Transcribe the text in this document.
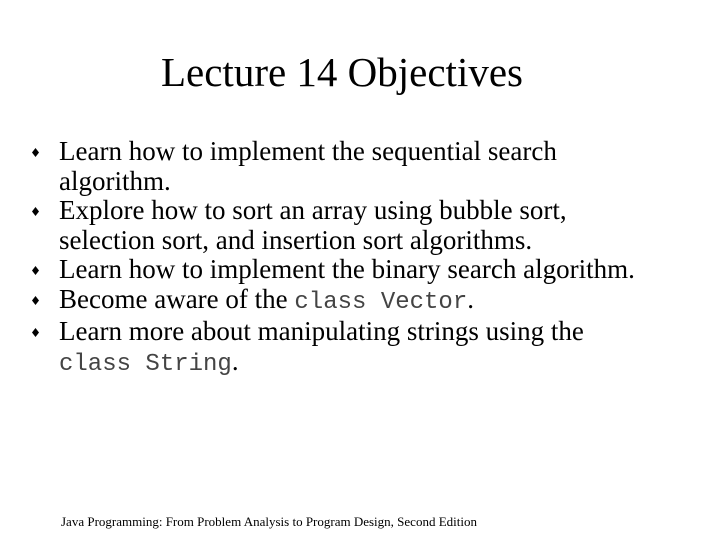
Lecture 14 Objectives
Learn how to implement the sequential search
algorithm.
Explore how to sort an array using bubble sort,
selection sort, and insertion sort algorithms.
Learn how to implement the binary search algorithm.
Become aware of the class Vector.
Learn more about manipulating strings using the
class String.
Java Programming: From Problem Analysis to Program Design, Second Edition
